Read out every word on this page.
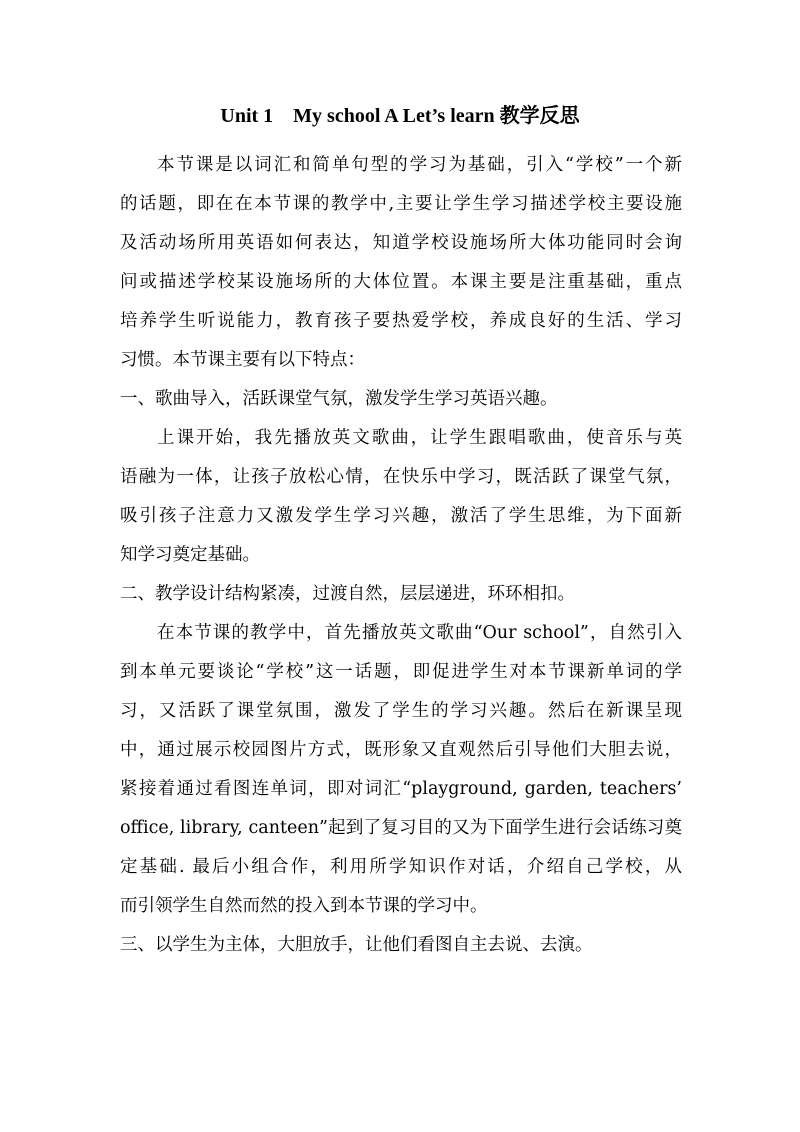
Unit 1    My school A Let’s learn 教学反思
本节课是以词汇和简单句型的学习为基础，引入“学校”一个新
的话题，即在在本节课的教学中,主要让学生学习描述学校主要设施
及活动场所用英语如何表达，知道学校设施场所大体功能同时会询
问或描述学校某设施场所的大体位置。本课主要是注重基础，重点
培养学生听说能力，教育孩子要热爱学校，养成良好的生活、学习
习惯。本节课主要有以下特点：
一、歌曲导入，活跃课堂气氛，激发学生学习英语兴趣。
上课开始，我先播放英文歌曲，让学生跟唱歌曲，使音乐与英
语融为一体，让孩子放松心情，在快乐中学习，既活跃了课堂气氛，
吸引孩子注意力又激发学生学习兴趣，激活了学生思维，为下面新
知学习奠定基础。
二、教学设计结构紧凑，过渡自然，层层递进，环环相扣。
在本节课的教学中，首先播放英文歌曲“Our school”，自然引入
到本单元要谈论“学校”这一话题，即促进学生对本节课新单词的学
习，又活跃了课堂氛围，激发了学生的学习兴趣。然后在新课呈现
中，通过展示校园图片方式，既形象又直观然后引导他们大胆去说，
紧接着通过看图连单词，即对词汇“playground, garden, teachers’
office, library, canteen”起到了复习目的又为下面学生进行会话练习奠
定基础. 最后小组合作，利用所学知识作对话，介绍自己学校，从
而引领学生自然而然的投入到本节课的学习中。
三、以学生为主体，大胆放手，让他们看图自主去说、去演。
